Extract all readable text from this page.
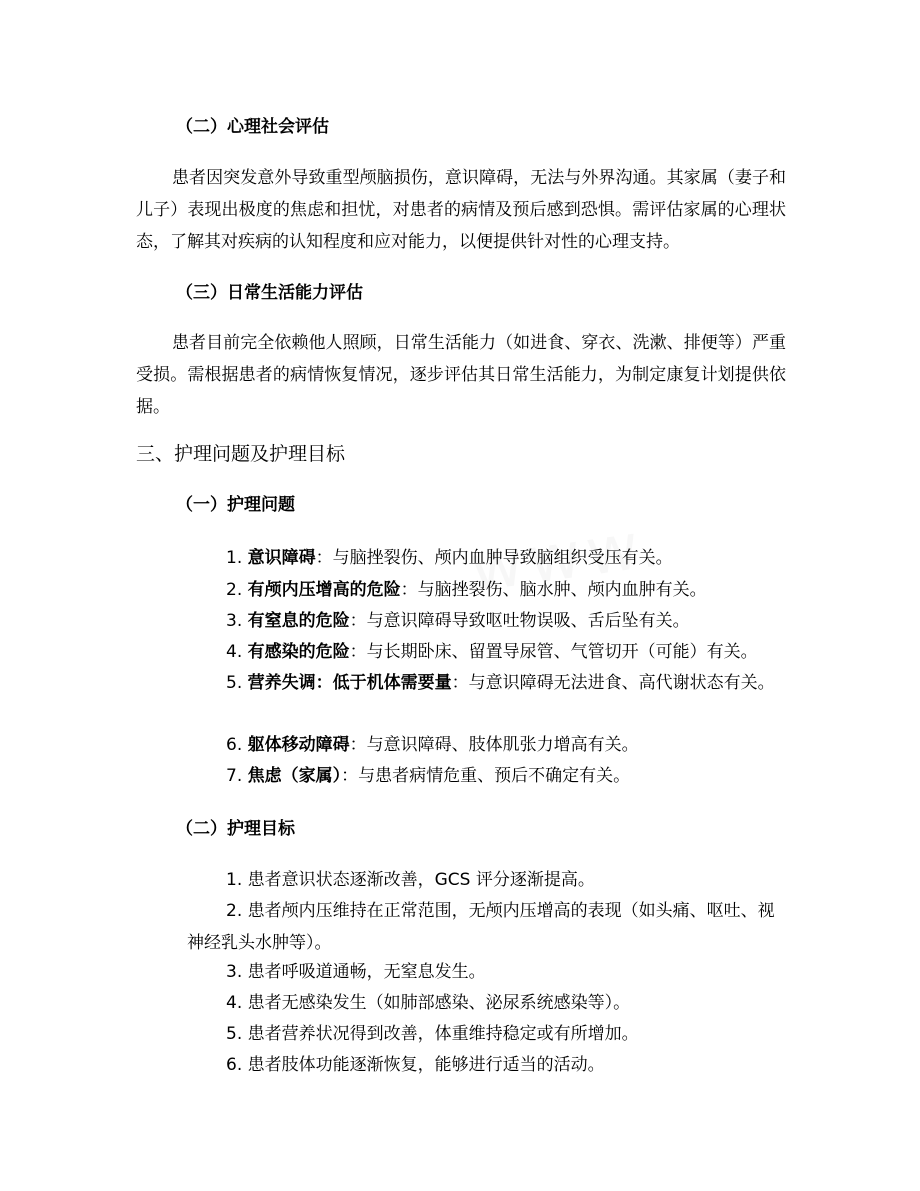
（二）心理社会评估
患者因突发意外导致重型颅脑损伤，意识障碍，无法与外界沟通。其家属（妻子和儿子）表现出极度的焦虑和担忧，对患者的病情及预后感到恐惧。需评估家属的心理状态，了解其对疾病的认知程度和应对能力，以便提供针对性的心理支持。
（三）日常生活能力评估
患者目前完全依赖他人照顾，日常生活能力（如进食、穿衣、洗漱、排便等）严重受损。需根据患者的病情恢复情况，逐步评估其日常生活能力，为制定康复计划提供依据。
三、护理问题及护理目标
（一）护理问题
1. 意识障碍：与脑挫裂伤、颅内血肿导致脑组织受压有关。
2. 有颅内压增高的危险：与脑挫裂伤、脑水肿、颅内血肿有关。
3. 有窒息的危险：与意识障碍导致呕吐物误吸、舌后坠有关。
4. 有感染的危险：与长期卧床、留置导尿管、气管切开（可能）有关。
5. 营养失调：低于机体需要量：与意识障碍无法进食、高代谢状态有关。
6. 躯体移动障碍：与意识障碍、肢体肌张力增高有关。
7. 焦虑（家属）：与患者病情危重、预后不确定有关。
（二）护理目标
1. 患者意识状态逐渐改善，GCS 评分逐渐提高。
2. 患者颅内压维持在正常范围，无颅内压增高的表现（如头痛、呕吐、视神经乳头水肿等）。
3. 患者呼吸道通畅，无窒息发生。
4. 患者无感染发生（如肺部感染、泌尿系统感染等）。
5. 患者营养状况得到改善，体重维持稳定或有所增加。
6. 患者肢体功能逐渐恢复，能够进行适当的活动。
